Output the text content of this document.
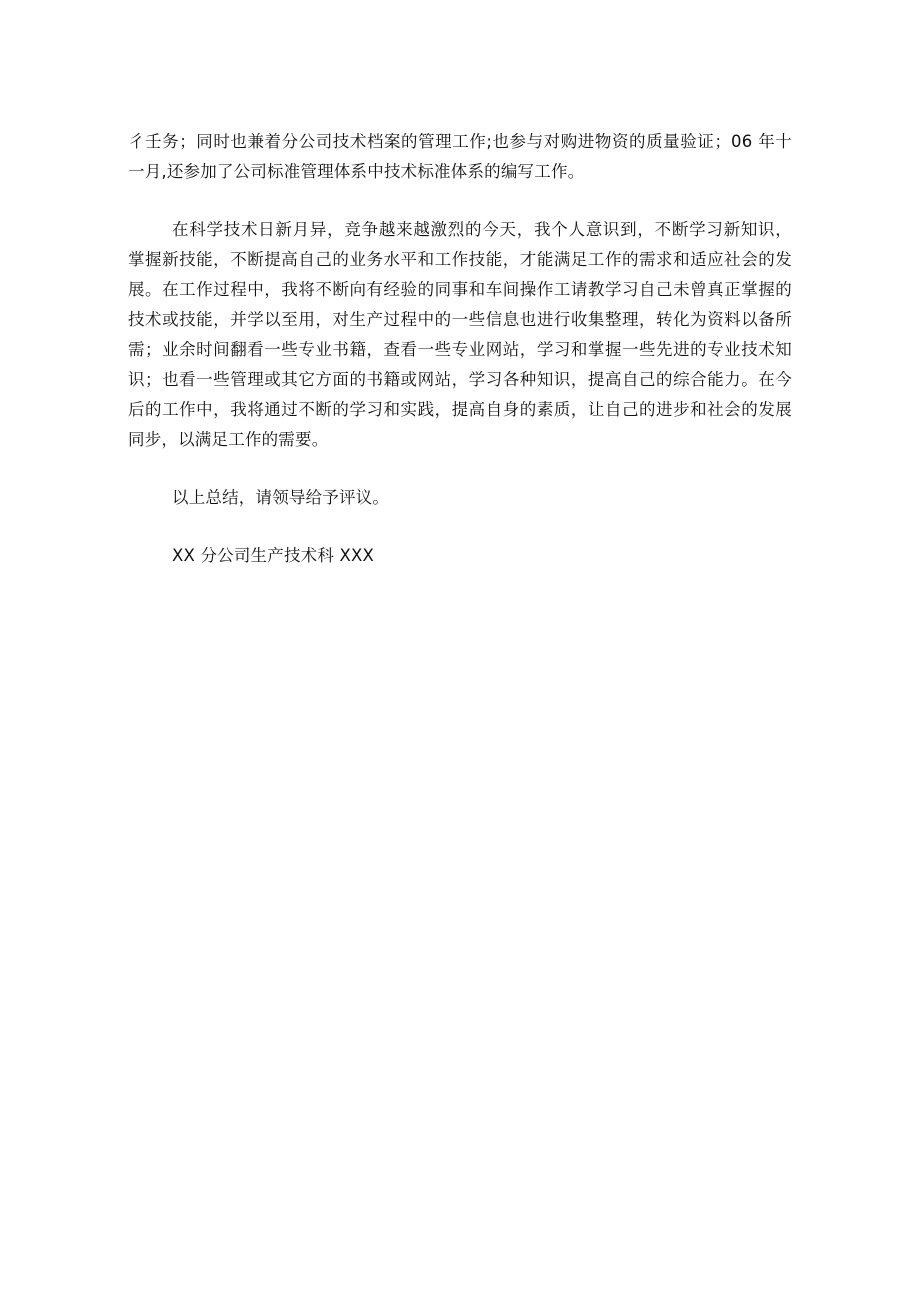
彳壬务；同时也兼着分公司技术档案的管理工作;也参与对购进物资的质量验证；06 年十
一月,还参加了公司标准管理体系中技术标准体系的编写工作。
在科学技术日新月异，竞争越来越激烈的今天，我个人意识到，不断学习新知识，
掌握新技能，不断提高自己的业务水平和工作技能，才能满足工作的需求和适应社会的发
展。在工作过程中，我将不断向有经验的同事和车间操作工请教学习自己未曾真正掌握的
技术或技能，并学以至用，对生产过程中的一些信息也进行收集整理，转化为资料以备所
需；业余时间翻看一些专业书籍，查看一些专业网站，学习和掌握一些先进的专业技术知
识；也看一些管理或其它方面的书籍或网站，学习各种知识，提高自己的综合能力。在今
后的工作中，我将通过不断的学习和实践，提高自身的素质，让自己的进步和社会的发展
同步，以满足工作的需要。
以上总结，请领导给予评议。
XX 分公司生产技术科 XXX
